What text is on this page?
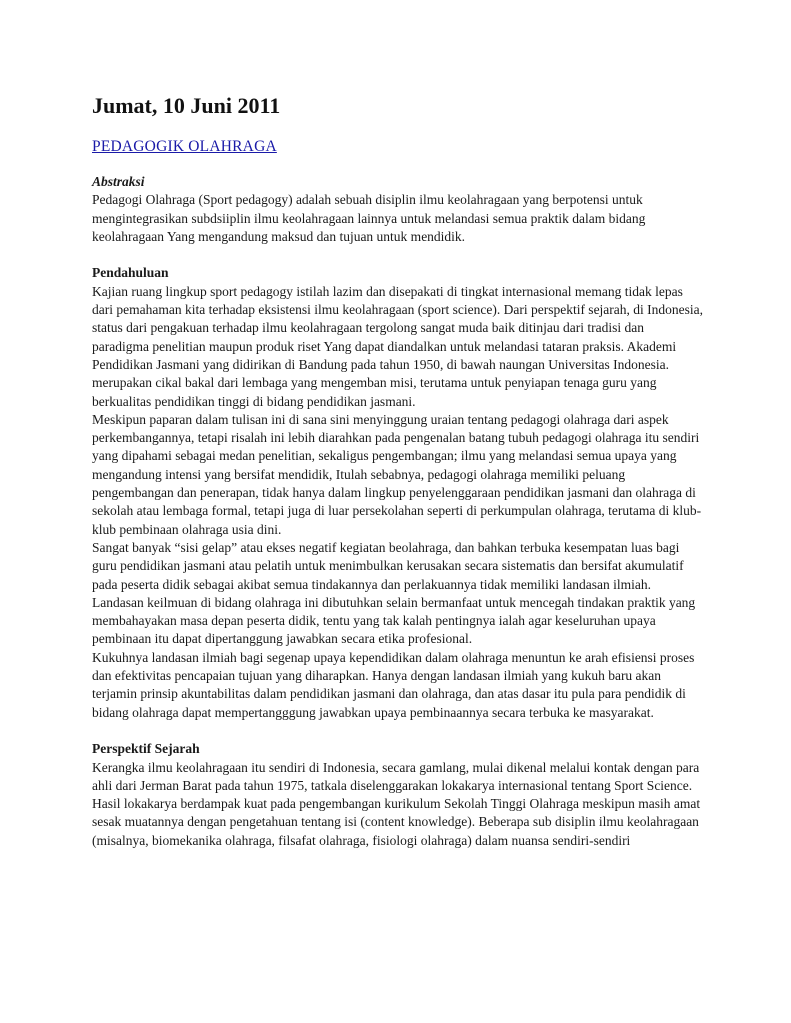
Jumat, 10 Juni 2011
PEDAGOGIK OLAHRAGA

Abstraksi

Pedagogi Olahraga (Sport pedagogy) adalah sebuah disiplin ilmu keolahragaan yang berpotensi untuk mengintegrasikan subdsiiplin ilmu keolahragaan lainnya untuk melandasi semua praktik dalam bidang keolahragaan Yang mengandung maksud dan tujuan untuk mendidik.

Pendahuluan

Kajian ruang lingkup sport pedagogy istilah lazim dan disepakati di tingkat internasional memang tidak lepas dari pemahaman kita terhadap eksistensi ilmu keolahragaan (sport science). Dari perspektif sejarah, di Indonesia, status dari pengakuan terhadap ilmu keolahragaan tergolong sangat muda baik ditinjau dari tradisi dan paradigma penelitian maupun produk riset Yang dapat diandalkan untuk melandasi tataran praksis. Akademi Pendidikan Jasmani yang didirikan di Bandung pada tahun 1950, di bawah naungan Universitas Indonesia. merupakan cikal bakal dari lembaga yang mengemban misi, terutama untuk penyiapan tenaga guru yang berkualitas pendidikan tinggi di bidang pendidikan jasmani.

Meskipun paparan dalam tulisan ini di sana sini menyinggung uraian tentang pedagogi olahraga dari aspek perkembangannya, tetapi risalah ini lebih diarahkan pada pengenalan batang tubuh pedagogi olahraga itu sendiri yang dipahami sebagai medan penelitian, sekaligus pengembangan; ilmu yang melandasi semua upaya yang mengandung intensi yang bersifat mendidik, Itulah sebabnya, pedagogi olahraga memiliki peluang pengembangan dan penerapan, tidak hanya dalam lingkup penyelenggaraan pendidikan jasmani dan olahraga di sekolah atau lembaga formal, tetapi juga di luar persekolahan seperti di perkumpulan olahraga, terutama di klub-klub pembinaan olahraga usia dini.

Sangat banyak “sisi gelap” atau ekses negatif kegiatan beolahraga, dan bahkan terbuka kesempatan luas bagi guru pendidikan jasmani atau pelatih untuk menimbulkan kerusakan secara sistematis dan bersifat akumulatif pada peserta didik sebagai akibat semua tindakannya dan perlakuannya tidak memiliki landasan ilmiah. Landasan keilmuan di bidang olahraga ini dibutuhkan selain bermanfaat untuk mencegah tindakan praktik yang membahayakan masa depan peserta didik, tentu yang tak kalah pentingnya ialah agar keseluruhan upaya pembinaan itu dapat dipertanggung jawabkan secara etika profesional.

Kukuhnya landasan ilmiah bagi segenap upaya kependidikan dalam olahraga menuntun ke arah efisiensi proses dan efektivitas pencapaian tujuan yang diharapkan. Hanya dengan landasan ilmiah yang kukuh baru akan terjamin prinsip akuntabilitas dalam pendidikan jasmani dan olahraga, dan atas dasar itu pula para pendidik di bidang olahraga dapat mempertangggung jawabkan upaya pembinaannya secara terbuka ke masyarakat.

Perspektif Sejarah

Kerangka ilmu keolahragaan itu sendiri di Indonesia, secara gamlang, mulai dikenal melalui kontak dengan para ahli dari Jerman Barat pada tahun 1975, tatkala diselenggarakan lokakarya internasional tentang Sport Science. Hasil lokakarya berdampak kuat pada pengembangan kurikulum Sekolah Tinggi Olahraga meskipun masih amat sesak muatannya dengan pengetahuan tentang isi (content knowledge). Beberapa sub disiplin ilmu keolahragaan (misalnya, biomekanika olahraga, filsafat olahraga, fisiologi olahraga) dalam nuansa sendiri-sendiri
